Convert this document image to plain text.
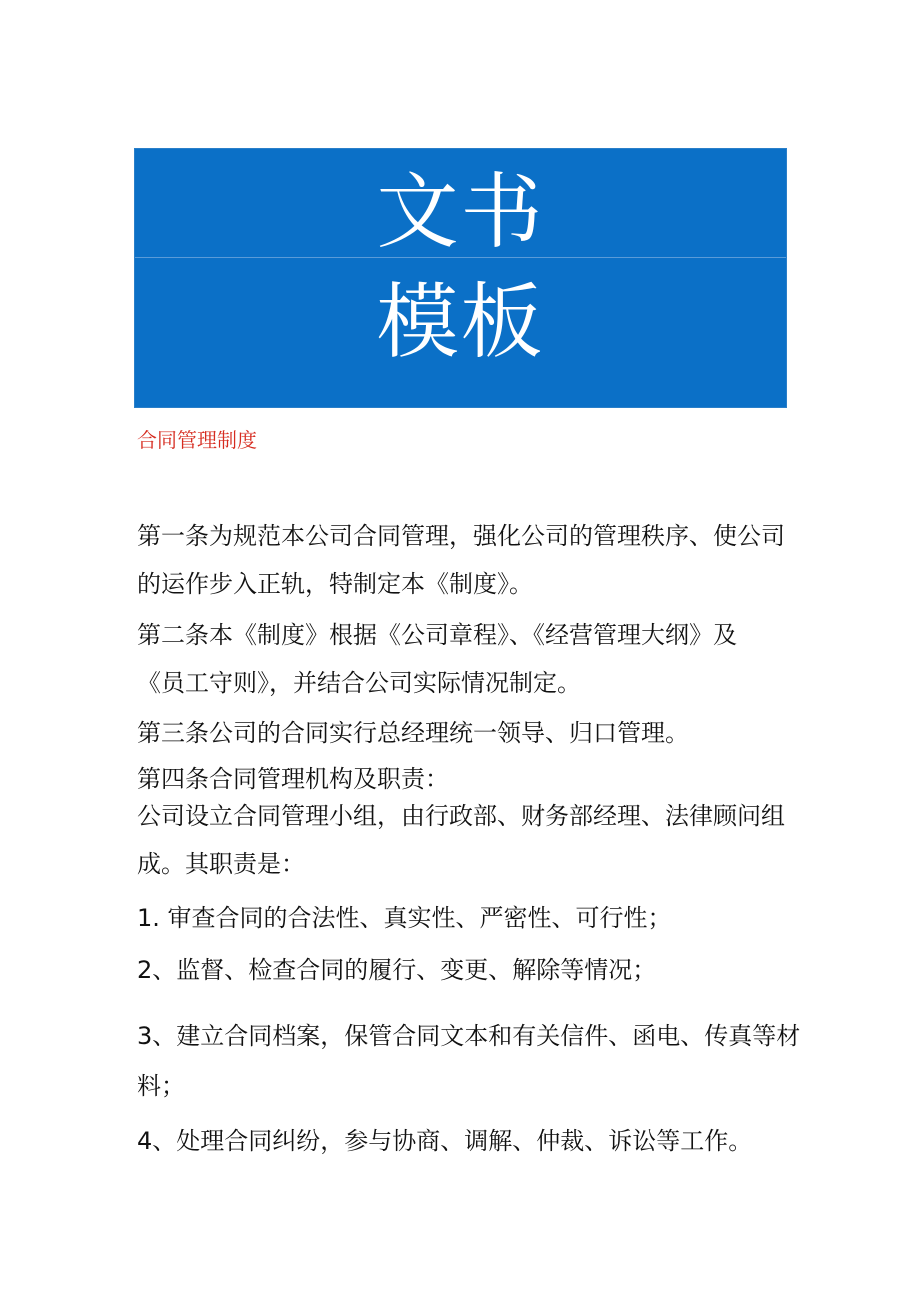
文书
模板
合同管理制度
第一条为规范本公司合同管理，强化公司的管理秩序、使公司
的运作步入正轨，特制定本《制度》。
第二条本《制度》根据《公司章程》、《经营管理大纲》及
《员工守则》，并结合公司实际情况制定。
第三条公司的合同实行总经理统一领导、归口管理。
第四条合同管理机构及职责：
公司设立合同管理小组，由行政部、财务部经理、法律顾问组
成。其职责是：
1. 审查合同的合法性、真实性、严密性、可行性；
2、监督、检查合同的履行、变更、解除等情况；
3、建立合同档案，保管合同文本和有关信件、函电、传真等材
料；
4、处理合同纠纷，参与协商、调解、仲裁、诉讼等工作。
